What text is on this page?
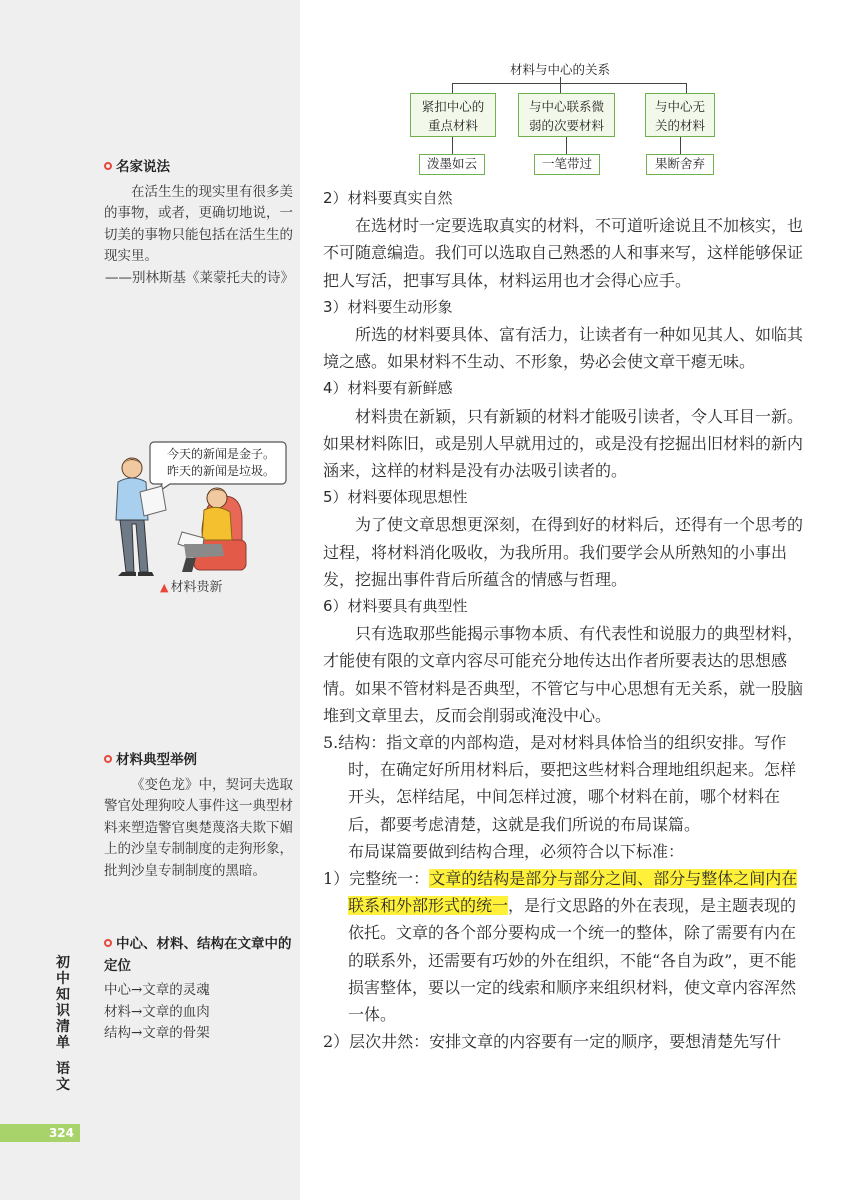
材料与中心的关系
紧扣中心的
重点材料
与中心联系微
弱的次要材料
与中心无
关的材料
泼墨如云	一笔带过	果断舍弃
名家说法
在活生生的现实里有很多美的事物，或者，更确切地说，一切美的事物只能包括在活生生的现实里。
——别林斯基《莱蒙托夫的诗》
今天的新闻是金子。
昨天的新闻是垃圾。
▲ 材料贵新
材料典型举例
《变色龙》中，契诃夫选取警官处理狗咬人事件这一典型材料来塑造警官奥楚蔑洛夫欺下媚上的沙皇专制制度的走狗形象，批判沙皇专制制度的黑暗。
中心、材料、结构在文章中的定位
中心→文章的灵魂
材料→文章的血肉
结构→文章的骨架
初中知识清单
语文
324

2）材料要真实自然

在选材时一定要选取真实的材料，不可道听途说且不加核实，也不可随意编造。我们可以选取自己熟悉的人和事来写，这样能够保证把人写活，把事写具体，材料运用也才会得心应手。

3）材料要生动形象

所选的材料要具体、富有活力，让读者有一种如见其人、如临其境之感。如果材料不生动、不形象，势必会使文章干瘪无味。

4）材料要有新鲜感

材料贵在新颖，只有新颖的材料才能吸引读者，令人耳目一新。如果材料陈旧，或是别人早就用过的，或是没有挖掘出旧材料的新内涵来，这样的材料是没有办法吸引读者的。

5）材料要体现思想性

为了使文章思想更深刻，在得到好的材料后，还得有一个思考的过程，将材料消化吸收，为我所用。我们要学会从所熟知的小事出发，挖掘出事件背后所蕴含的情感与哲理。

6）材料要具有典型性

只有选取那些能揭示事物本质、有代表性和说服力的典型材料，才能使有限的文章内容尽可能充分地传达出作者所要表达的思想感情。如果不管材料是否典型，不管它与中心思想有无关系，就一股脑堆到文章里去，反而会削弱或淹没中心。

5.结构：指文章的内部构造，是对材料具体恰当的组织安排。写作时，在确定好所用材料后，要把这些材料合理地组织起来。怎样开头，怎样结尾，中间怎样过渡，哪个材料在前，哪个材料在后，都要考虑清楚，这就是我们所说的布局谋篇。

布局谋篇要做到结构合理，必须符合以下标准：

1）完整统一：文章的结构是部分与部分之间、部分与整体之间内在联系和外部形式的统一，是行文思路的外在表现，是主题表现的依托。文章的各个部分要构成一个统一的整体，除了需要有内在的联系外，还需要有巧妙的外在组织，不能“各自为政”，更不能损害整体，要以一定的线索和顺序来组织材料，使文章内容浑然一体。

2）层次井然：安排文章的内容要有一定的顺序，要想清楚先写什
